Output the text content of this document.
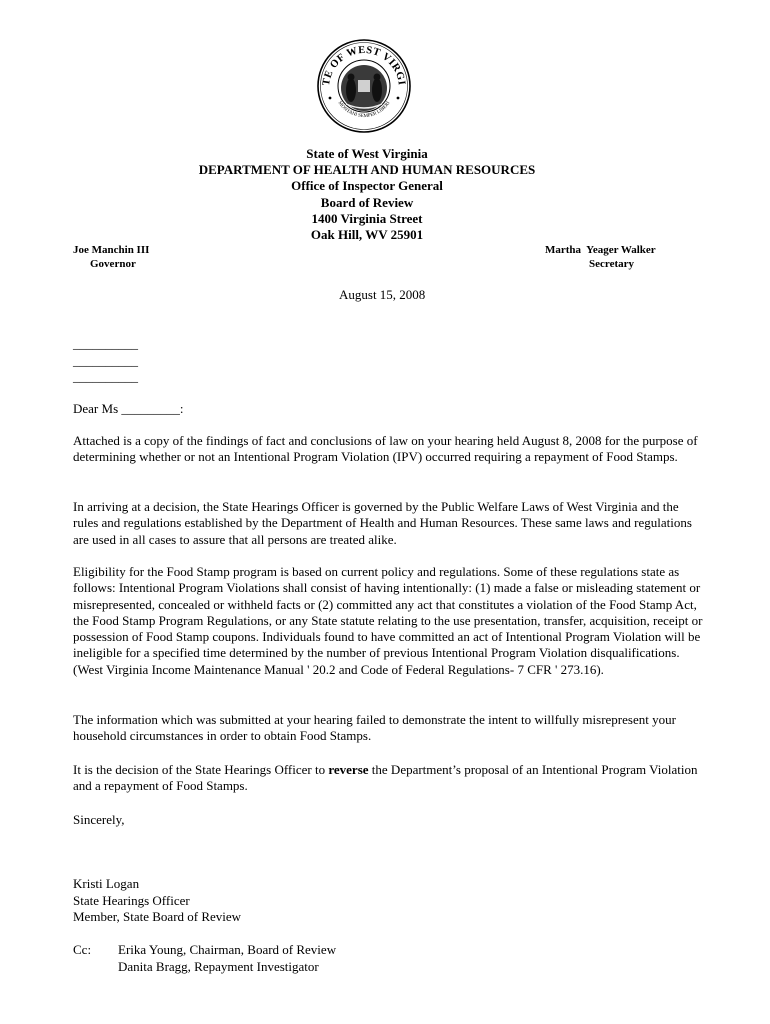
TE OF WEST VIRGI
MONTANI SEMPER LIBERI
State of West Virginia
DEPARTMENT OF HEALTH AND HUMAN RESOURCES
Office of Inspector General
Board of Review
1400 Virginia Street
Oak Hill, WV 25901
Joe Manchin III
Governor
Martha  Yeager Walker
Secretary
August 15, 2008
__________
__________
__________
Dear Ms _________:

Attached is a copy of the findings of fact and conclusions of law on your hearing held August 8, 2008 for the purpose of determining whether or not an Intentional Program Violation (IPV) occurred requiring a repayment of Food Stamps.

In arriving at a decision, the State Hearings Officer is governed by the Public Welfare Laws of West Virginia and the rules and regulations established by the Department of Health and Human Resources. These same laws and regulations are used in all cases to assure that all persons are treated alike.

Eligibility for the Food Stamp program is based on current policy and regulations. Some of these regulations state as follows: Intentional Program Violations shall consist of having intentionally: (1) made a false or misleading statement or misrepresented, concealed or withheld facts or (2) committed any act that constitutes a violation of the Food Stamp Act, the Food Stamp Program Regulations, or any State statute relating to the use presentation, transfer, acquisition, receipt or possession of Food Stamp coupons. Individuals found to have committed an act of Intentional Program Violation will be ineligible for a specified time determined by the number of previous Intentional Program Violation disqualifications. (West Virginia Income Maintenance Manual ' 20.2 and Code of Federal Regulations- 7 CFR ' 273.16).

The information which was submitted at your hearing failed to demonstrate the intent to willfully misrepresent your household circumstances in order to obtain Food Stamps.

It is the decision of the State Hearings Officer to reverse the Department’s proposal of an Intentional Program Violation and a repayment of Food Stamps.

Sincerely,
Kristi Logan
State Hearings Officer
Member, State Board of Review
Cc: Erika Young, Chairman, Board of Review
Danita Bragg, Repayment Investigator
